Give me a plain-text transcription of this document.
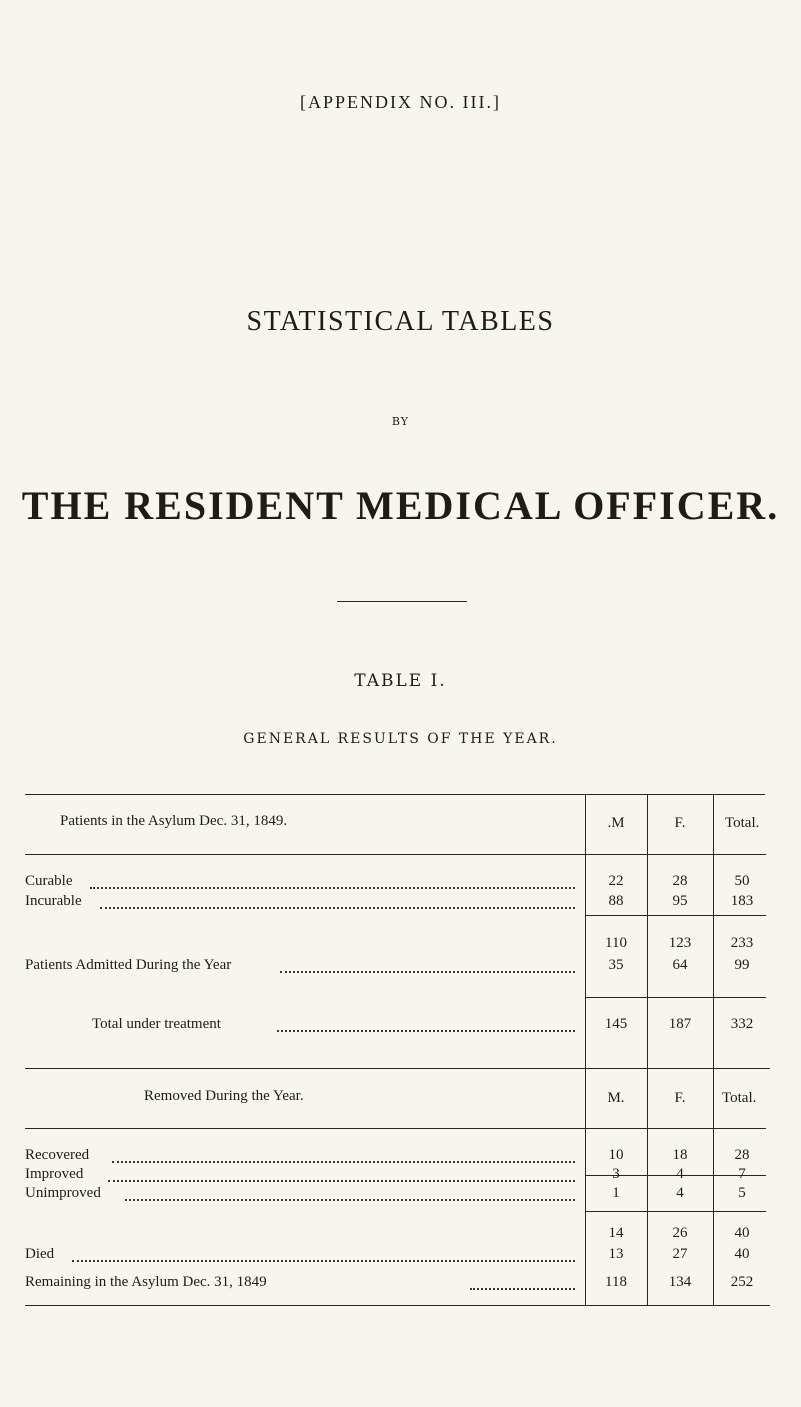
[APPENDIX NO. III.]
STATISTICAL TABLES
BY
THE RESIDENT MEDICAL OFFICER.
TABLE I.
GENERAL RESULTS OF THE YEAR.
Patients in the Asylum Dec. 31, 1849.	.M	F.	Total.
Curable	22	28	50
Incurable	88	95	183
110	123	233
Patients Admitted During the Year	35	64	99
Total under treatment	145	187	332
Removed During the Year.	M.	F.	Total.
Recovered	10	18	28
Improved	3	4	7
Unimproved	1	4	5
14	26	40
Died	13	27	40
Remaining in the Asylum Dec. 31, 1849	118	134	252
